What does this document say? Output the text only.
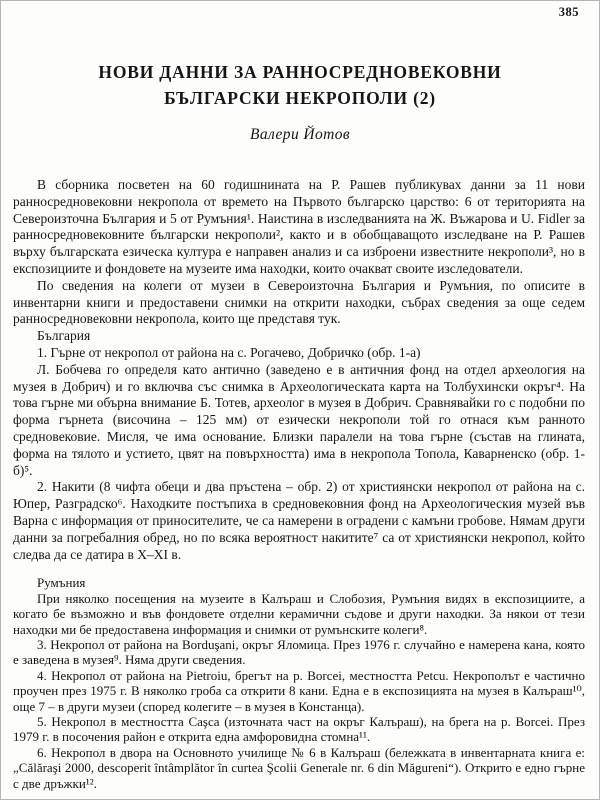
385
НОВИ ДАННИ ЗА РАННОСРЕДНОВЕКОВНИ
БЪЛГАРСКИ НЕКРОПОЛИ (2)
Валери Йотов

В сборника посветен на 60 годишнината на Р. Рашев публикувах данни за 11 нови ранносредновековни некропола от времето на Първото българско царство: 6 от територията на Североизточна България и 5 от Румъния¹. Наистина в изследванията на Ж. Въжарова и U. Fidler за ранносредновековните български некрополи², както и в обобщаващото изследване на Р. Рашев върху българската езическа култура е направен анализ и са изброени известните некрополи³, но в експозициите и фондовете на музеите има находки, които очакват своите изследователи.

По сведения на колеги от музеи в Североизточна България и Румъния, по описите в инвентарни книги и предоставени снимки на открити находки, събрах сведения за още седем ранносредновековни некропола, които ще представя тук.

България

1. Гърне от некропол от района на с. Рогачево, Добричко (обр. 1-а)

Л. Бобчева го определя като антично (заведено е в античния фонд на отдел археология на музея в Добрич) и го включва със снимка в Археологическата карта на Толбухински окръг⁴. На това гърне ми обърна внимание Б. Тотев, археолог в музея в Добрич. Сравнявайки го с подобни по форма гърнета (височина – 125 мм) от езически некрополи той го отнася към ранното средновековие. Мисля, че има основание. Близки паралели на това гърне (състав на глината, форма на тялото и устието, цвят на повърхността) има в некропола Топола, Каварненско (обр. 1-б)⁵.

2. Накити (8 чифта обеци и два пръстена – обр. 2) от християнски некропол от района на с. Юпер, Разградско⁶. Находките постъпиха в средновековния фонд на Археологическия музей във Варна с информация от приносителите, че са намерени в оградени с камъни гробове. Нямам други данни за погребалния обред, но по всяка вероятност накитите⁷ са от християнски некропол, който следва да се датира в X–XI в.

Румъния

При няколко посещения на музеите в Калъраш и Слобозия, Румъния видях в експозициите, а когато бе възможно и във фондовете отделни керамични съдове и други находки. За някои от тези находки ми бе предоставена информация и снимки от румънските колеги⁸.

3. Некропол от района на Borduşani, окръг Яломица. През 1976 г. случайно е намерена кана, която е заведена в музея⁹. Няма други сведения.

4. Некропол от района на Pietroiu, брегът на р. Borcei, местността Petcu. Некрополът е частично проучен през 1975 г. В няколко гроба са открити 8 кани. Една е в експозицията на музея в Калъраш¹⁰, още 7 – в други музеи (според колегите – в музея в Констанца).

5. Некропол в местността Caşca (източната част на окръг Калъраш), на брега на р. Borcei. През 1979 г. в посочения район е открита една амфоровидна стомна¹¹.

6. Некропол в двора на Основното училище № 6 в Калъраш (бележката в инвентарната книга е: „Călăraşi 2000, descoperit întâmplător în curtea Şcolii Generale nr. 6 din Măgureni“). Открито е едно гърне с две дръжки¹².
